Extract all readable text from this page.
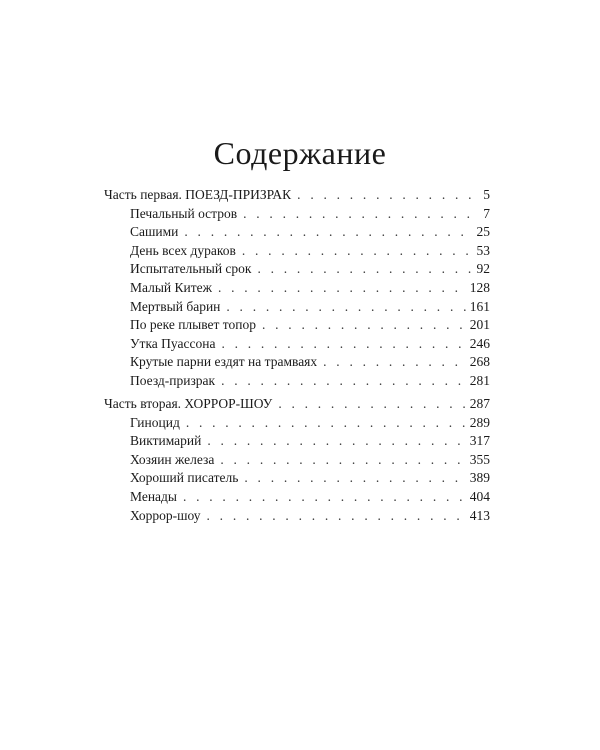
Содержание
Часть первая. ПОЕЗД-ПРИЗРАК . . .	5
Печальный остров . . .	7
Сашими . . .	25
День всех дураков . . .	53
Испытательный срок . . .	92
Малый Китеж . . .	128
Мертвый барин . . .	161
По реке плывет топор . . .	201
Утка Пуассона . . .	246
Крутые парни ездят на трамваях . . .	268
Поезд-призрак . . .	281
Часть вторая. ХОРРОР-ШОУ . . .	287
Гиноцид . . .	289
Виктимарий . . .	317
Хозяин железа . . .	355
Хороший писатель . . .	389
Менады . . .	404
Хоррор-шоу . . .	413
